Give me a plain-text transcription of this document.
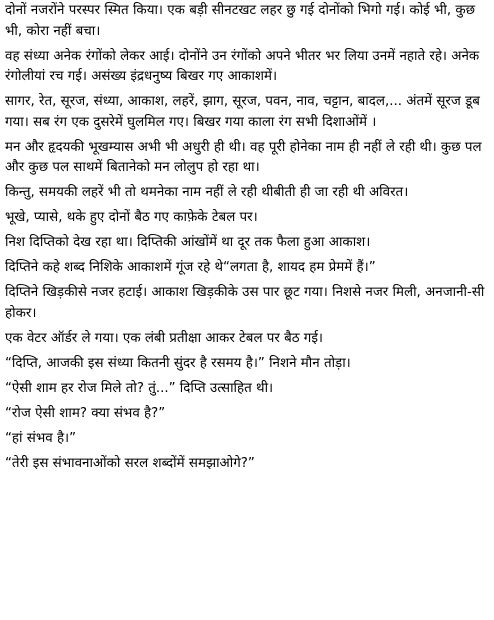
दोनों नजरोंने परस्पर स्मित किया। एक बड़ी सीनटखट लहर छु गई दोनोंको भिगो गई। कोई भी, कुछ भी, कोरा नहीं बचा।

वह संध्या अनेक रंगोंको लेकर आई। दोनोंने उन रंगोंको अपने भीतर भर लिया उनमें नहाते रहे। अनेक रंगोलीयां रच गई। असंख्य इंद्रधनुष्य बिखर गए आकाशमें।

सागर, रेत, सूरज, संध्या, आकाश, लहरें, झाग, सूरज, पवन, नाव, चट्टान, बादल,... अंतमें सूरज डूब गया। सब रंग एक दुसरेमें घुलमिल गए। बिखर गया काला रंग सभी दिशाओंमें ।

मन और हृदयकी भूखम्यास अभी भी अधुरी ही थी। वह पूरी होनेका नाम ही नहीं ले रही थी। कुछ पल और कुछ पल साथमें बितानेको मन लोलुप हो रहा था।

किन्तु, समयकी लहरें भी तो थमनेका नाम नहीं ले रही थीबीती ही जा रही थी अविरत।

भूखे, प्यासे, थके हुए दोनों बैठ गए काफ़ेके टेबल पर।

निश दिप्तिको देख रहा था। दिप्तिकी आंखोंमें था दूर तक फैला हुआ आकाश।

दिप्तिने कहे शब्द निशिके आकाशमें गूंज रहे थे“लगता है, शायद हम प्रेममें हैं।”

दिप्तिने खिड़कीसे नजर हटाई। आकाश खिड़कीके उस पार छूट गया। निशसे नजर मिली, अनजानी-सी होकर।

एक वेटर ऑर्डर ले गया। एक लंबी प्रतीक्षा आकर टेबल पर बैठ गई।

“दिप्ति, आजकी इस संध्या कितनी सुंदर है रसमय है।” निशने मौन तोड़ा।

“ऐसी शाम हर रोज मिले तो? तुं...” दिप्ति उत्साहित थी।

“रोज ऐसी शाम? क्या संभव है?”

“हां संभव है।”

“तेरी इस संभावनाओंको सरल शब्दोंमें समझाओगे?”
